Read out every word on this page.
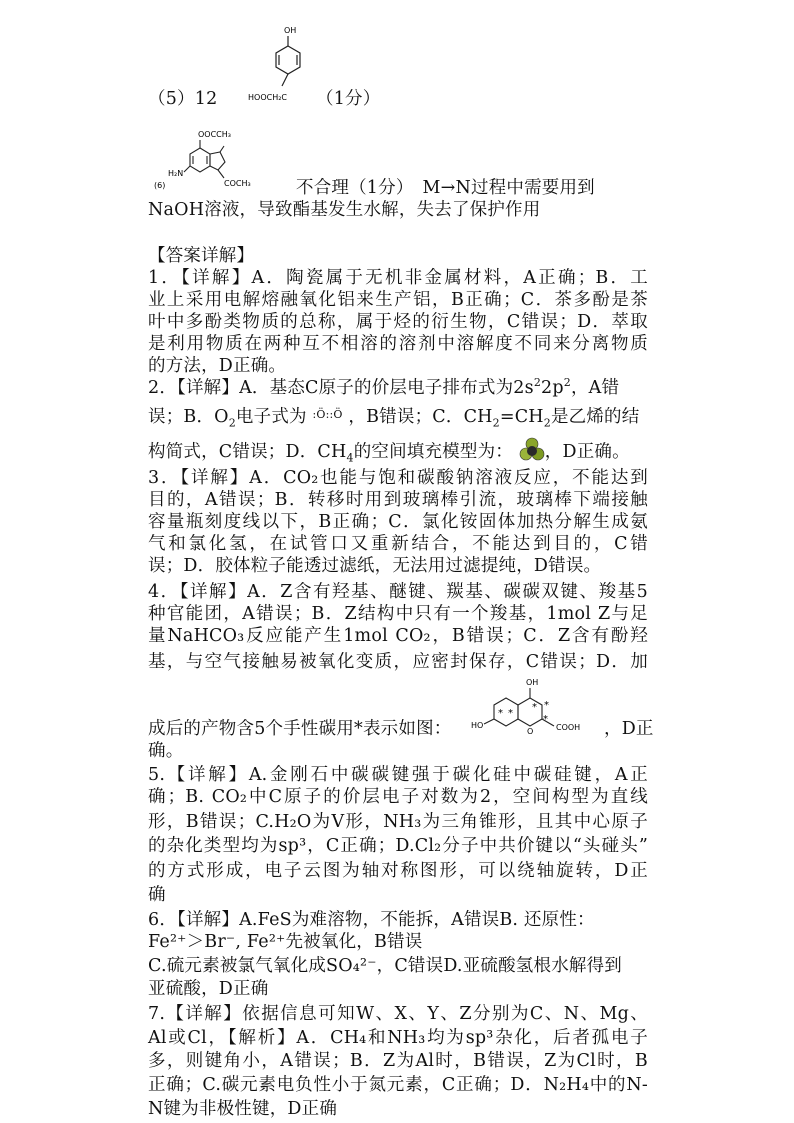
（5）12
OH
HOOCH₂C （1分）
OOCCH₃
H₂N
COCH₃
(6)	不合理（1分）　M→N过程中需要用到
NaOH溶液，导致酯基发生水解，失去了保护作用
【答案详解】
1．【详解】A．陶瓷属于无机非金属材料，A正确；B．工
业上采用电解熔融氧化铝来生产铝，B正确；C．茶多酚是茶
叶中多酚类物质的总称，属于烃的衍生物，C错误；D．萃取
是利用物质在两种互不相溶的溶剂中溶解度不同来分离物质
的方法，D正确。
2．【详解】A．基态C原子的价层电子排布式为$2s^22p^2$，A错
误；B．$O_2$电子式为 $^{:Ö::Ö}$ ，B错误；C．$CH_2=CH_2$是乙烯的结
构简式，C错误；D．$CH_4$的空间填充模型为： ，D正确。
3．【详解】A．CO₂也能与饱和碳酸钠溶液反应，不能达到
目的，A错误；B．转移时用到玻璃棒引流，玻璃棒下端接触
容量瓶刻度线以下，B正确；C．氯化铵固体加热分解生成氨
气和氯化氢，在试管口又重新结合，不能达到目的，C错
误；D．胶体粒子能透过滤纸，无法用过滤提纯，D错误。
4．【详解】A．Z含有羟基、醚键、羰基、碳碳双键、羧基5
种官能团，A错误；B．Z结构中只有一个羧基，1mol Z与足
量NaHCO₃反应能产生1mol CO₂，B错误；C．Z含有酚羟
基，与空气接触易被氧化变质，应密封保存，C错误；D．加
成后的产物含5个手性碳用*表示如图：
OH
HO
O	COOH
* *
*
*
*	，D正
确。
5.【详解】A.金刚石中碳碳键强于碳化硅中碳硅键，A正
确；B. CO₂中C原子的价层电子对数为2，空间构型为直线
形，B错误；C.H₂O为V形，NH₃为三角锥形，且其中心原子
的杂化类型均为sp³，C正确；D.Cl₂分子中共价键以“头碰头”
的方式形成，电子云图为轴对称图形，可以绕轴旋转，D正
确
6．【详解】A.FeS为难溶物，不能拆，A错误B. 还原性：
Fe²⁺＞Br⁻, Fe²⁺先被氧化，B错误
C.硫元素被氯气氧化成SO₄²⁻，C错误D.亚硫酸氢根水解得到
亚硫酸，D正确
7.【详解】依据信息可知W、X、Y、Z分别为C、N、Mg、
Al或Cl，【解析】A．CH₄和NH₃均为sp³杂化，后者孤电子
多，则键角小，A错误；B．Z为Al时，B错误，Z为Cl时，B
正确；C.碳元素电负性小于氮元素，C正确；D．N₂H₄中的N-
N键为非极性键，D正确
